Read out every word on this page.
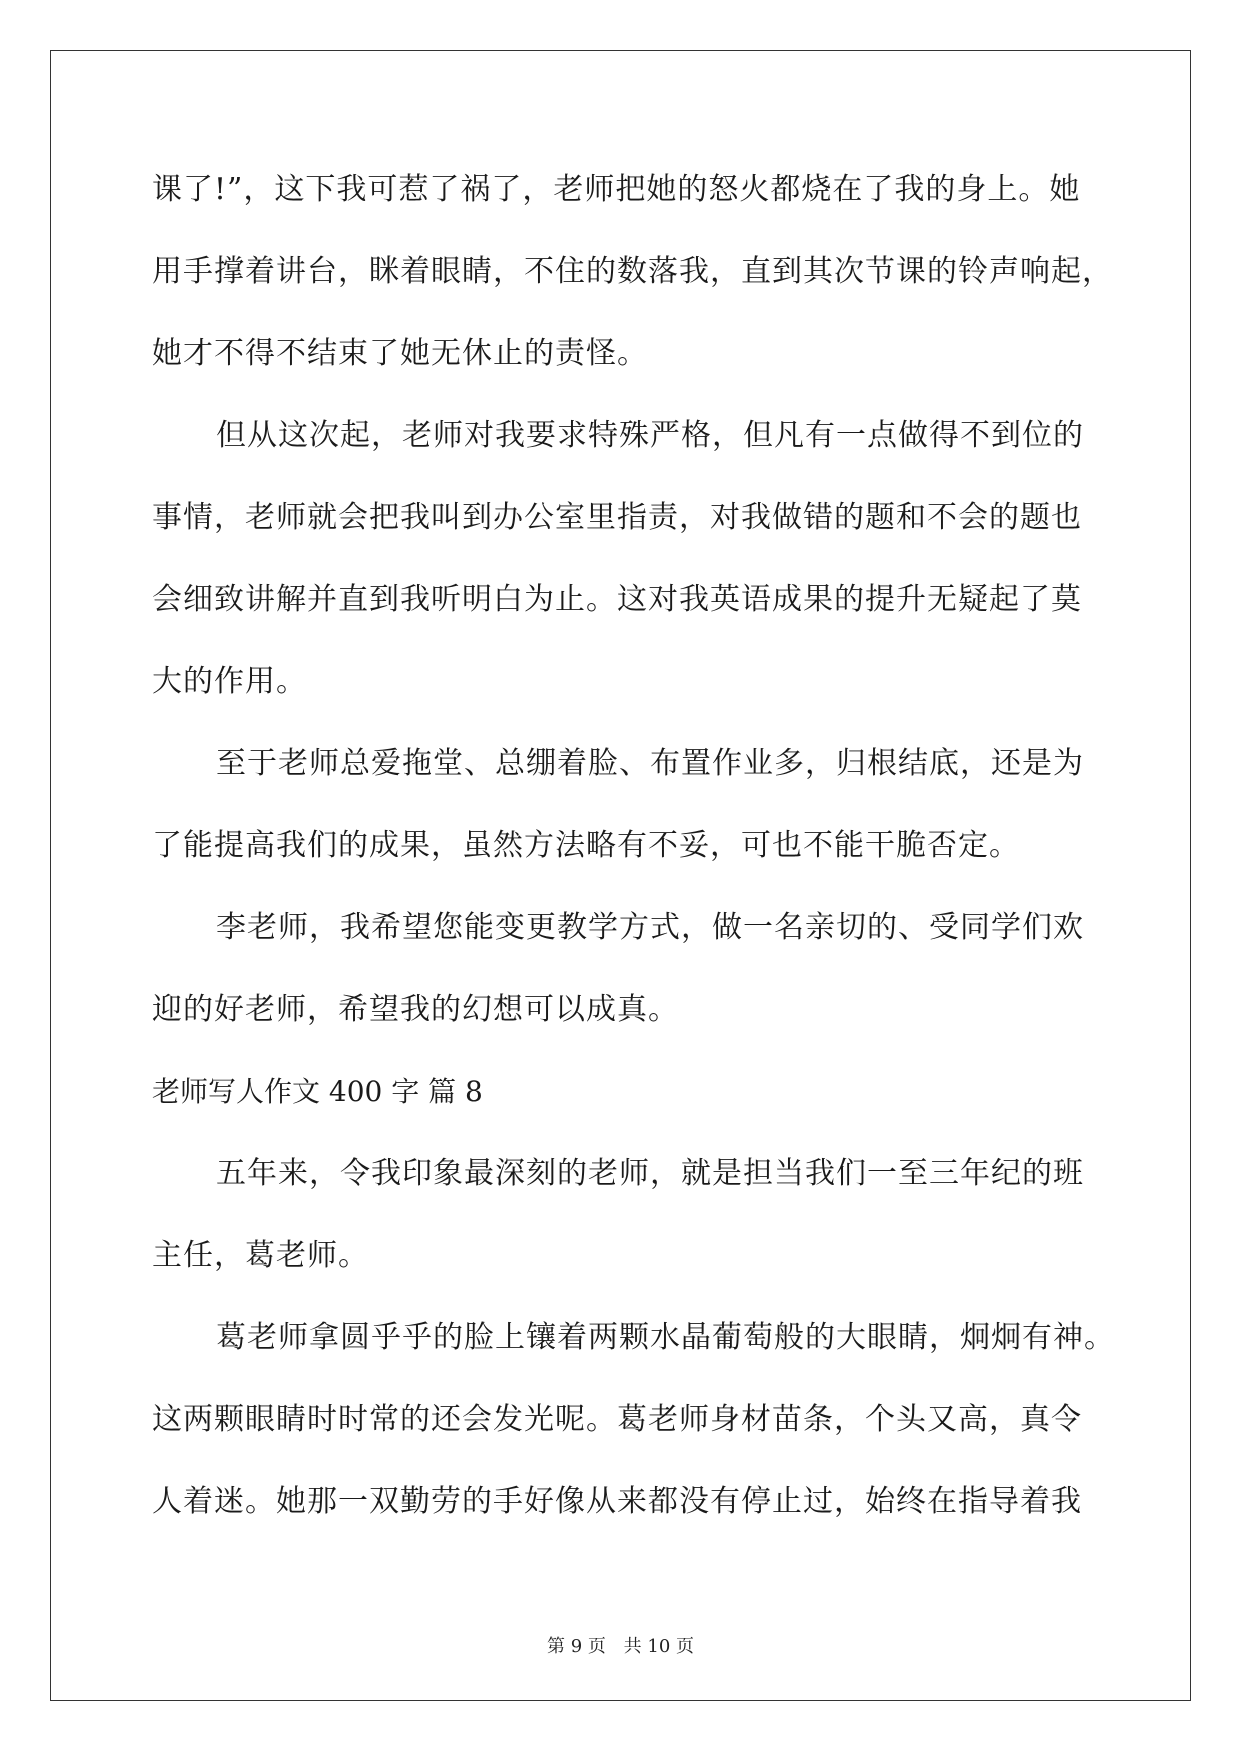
课了!”，这下我可惹了祸了，老师把她的怒火都烧在了我的身上。她
用手撑着讲台，眯着眼睛，不住的数落我，直到其次节课的铃声响起，
她才不得不结束了她无休止的责怪。
但从这次起，老师对我要求特殊严格，但凡有一点做得不到位的
事情，老师就会把我叫到办公室里指责，对我做错的题和不会的题也
会细致讲解并直到我听明白为止。这对我英语成果的提升无疑起了莫
大的作用。
至于老师总爱拖堂、总绷着脸、布置作业多，归根结底，还是为
了能提高我们的成果，虽然方法略有不妥，可也不能干脆否定。
李老师，我希望您能变更教学方式，做一名亲切的、受同学们欢
迎的好老师，希望我的幻想可以成真。
老师写人作文 400 字 篇 8
五年来，令我印象最深刻的老师，就是担当我们一至三年纪的班
主任，葛老师。
葛老师拿圆乎乎的脸上镶着两颗水晶葡萄般的大眼睛，炯炯有神。
这两颗眼睛时时常的还会发光呢。葛老师身材苗条，个头又高，真令
人着迷。她那一双勤劳的手好像从来都没有停止过，始终在指导着我
第 9 页 共 10 页
